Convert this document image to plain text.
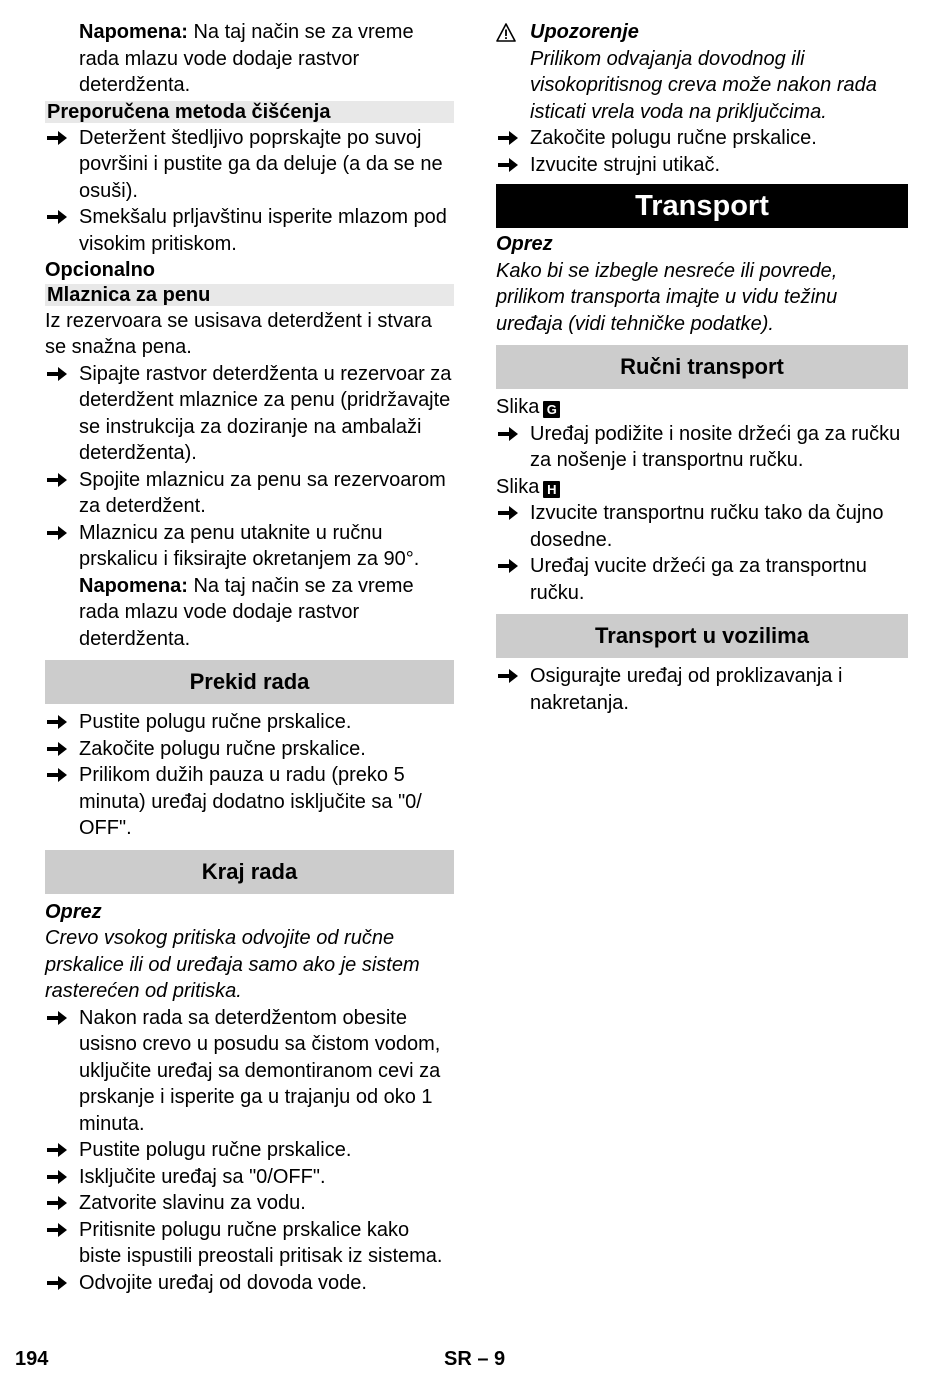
Napomena: Na taj način se za vreme rada mlazu vode dodaje rastvor deterdženta.

Preporučena metoda čišćenja
Deteržent štedljivo poprskajte po suvoj površini i pustite ga da deluje (a da se ne osuši).
Smekšalu prljavštinu isperite mlazom pod visokim pritiskom.
Opcionalno
Mlaznica za penu

Iz rezervoara se usisava deterdžent i stvara se snažna pena.

Sipajte rastvor deterdženta u rezervoar za deterdžent mlaznice za penu (pridržavajte se instrukcija za doziranje na ambalaži deterdženta).
Spojite mlaznicu za penu sa rezervoarom za deterdžent.
Mlaznicu za penu utaknite u ručnu prskalicu i fiksirajte okretanjem za 90°.

Napomena: Na taj način se za vreme rada mlazu vode dodaje rastvor deterdženta.

Prekid rada
Pustite polugu ručne prskalice.
Zakočite polugu ručne prskalice.
Prilikom dužih pauza u radu (preko 5 minuta) uređaj dodatno isključite sa "0/ OFF".
Kraj rada
Oprez

Crevo vsokog pritiska odvojite od ručne prskalice ili od uređaja samo ako je sistem rasterećen od pritiska.

Nakon rada sa deterdžentom obesite usisno crevo u posudu sa čistom vodom, uključite uređaj sa demontiranom cevi za prskanje i isperite ga u trajanju od oko 1 minuta.
Pustite polugu ručne prskalice.
Isključite uređaj sa "0/OFF".
Zatvorite slavinu za vodu.
Pritisnite polugu ručne prskalice kako biste ispustili preostali pritisak iz sistema.
Odvojite uređaj od dovoda vode.
Upozorenje
Prilikom odvajanja dovodnog ili visokopritisnog creva može nakon rada isticati vrela voda na priključcima.
Zakočite polugu ručne prskalice.
Izvucite strujni utikač.
Transport
Oprez

Kako bi se izbegle nesreće ili povrede, prilikom transporta imajte u vidu težinu uređaja (vidi tehničke podatke).

Ručni transport
Slika G
Uređaj podižite i nosite držeći ga za ručku za nošenje i transportnu ručku.
Slika H
Izvucite transportnu ručku tako da čujno dosedne.
Uređaj vucite držeći ga za transportnu ručku.
Transport u vozilima
Osigurajte uređaj od proklizavanja i nakretanja.
194	SR – 9
